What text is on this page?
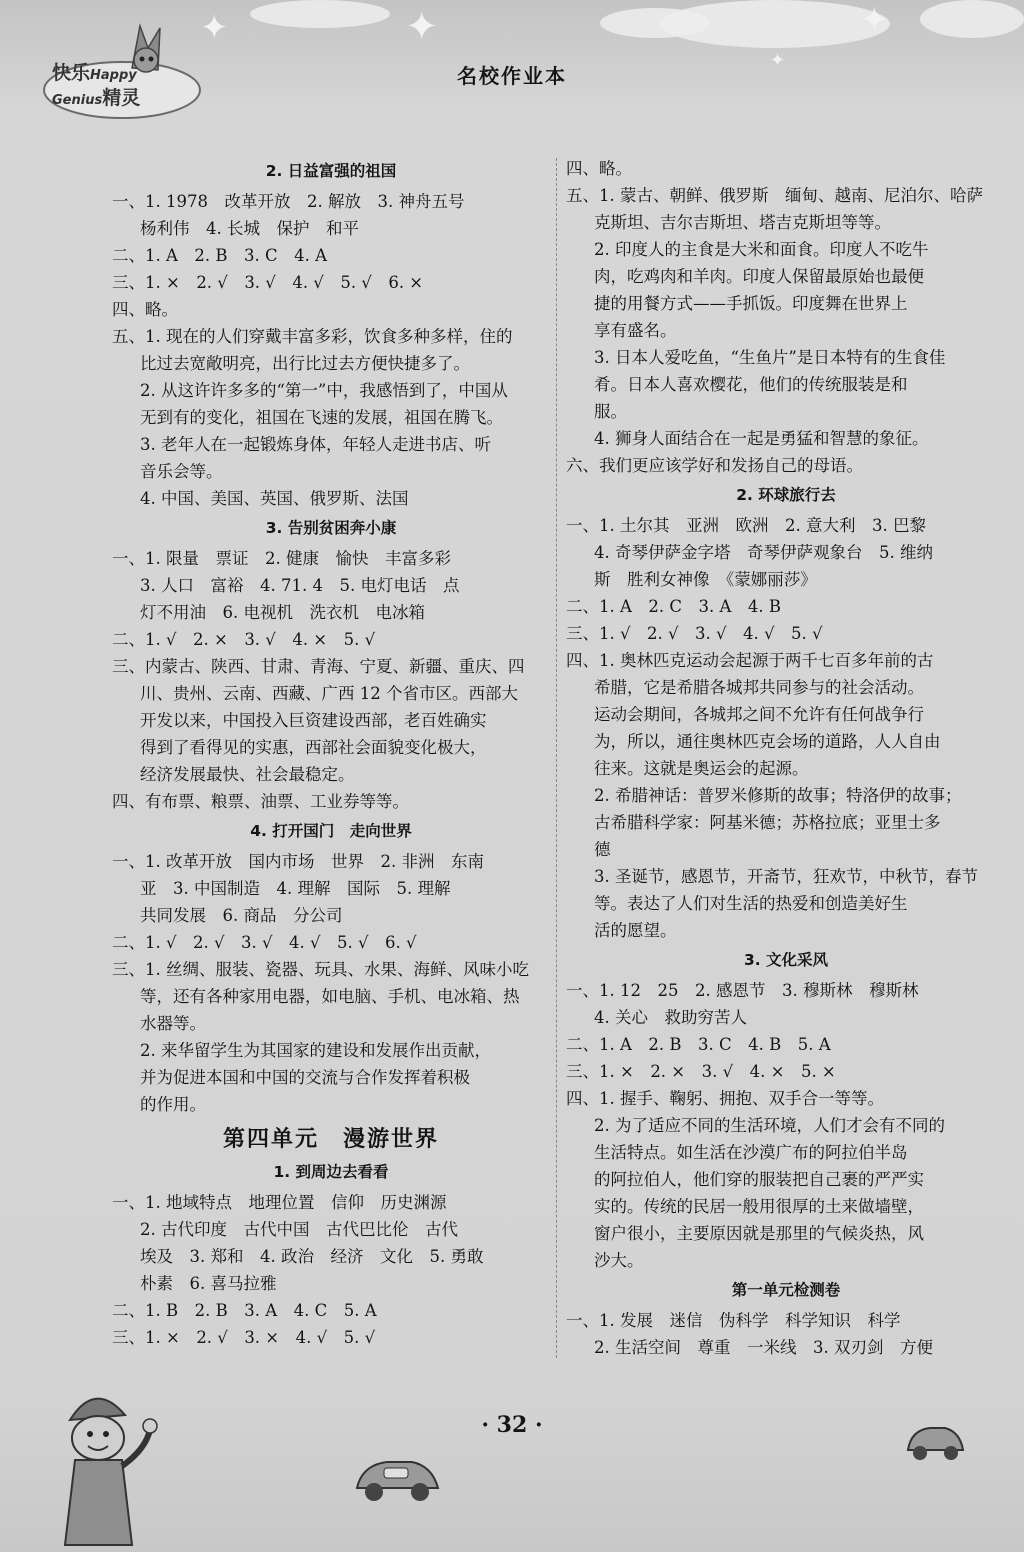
✦	✦	✦
✦
快乐Happy
Genius精灵
名校作业本
2. 日益富强的祖国
一、1. 1978　改革开放　2. 解放　3. 神舟五号
杨利伟　4. 长城　保护　和平
二、1. A　2. B　3. C　4. A
三、1. ×　2. √　3. √　4. √　5. √　6. ×
四、略。
五、1. 现在的人们穿戴丰富多彩，饮食多种多样，住的
比过去宽敞明亮，出行比过去方便快捷多了。
2. 从这许许多多的“第一”中，我感悟到了，中国从
无到有的变化，祖国在飞速的发展，祖国在腾飞。
3. 老年人在一起锻炼身体，年轻人走进书店、听
音乐会等。
4. 中国、美国、英国、俄罗斯、法国
3. 告别贫困奔小康
一、1. 限量　票证　2. 健康　愉快　丰富多彩
3. 人口　富裕　4. 71. 4　5. 电灯电话　点
灯不用油　6. 电视机　洗衣机　电冰箱
二、1. √　2. ×　3. √　4. ×　5. √
三、内蒙古、陕西、甘肃、青海、宁夏、新疆、重庆、四
川、贵州、云南、西藏、广西 12 个省市区。西部大
开发以来，中国投入巨资建设西部，老百姓确实
得到了看得见的实惠，西部社会面貌变化极大，
经济发展最快、社会最稳定。
四、有布票、粮票、油票、工业券等等。
4. 打开国门　走向世界
一、1. 改革开放　国内市场　世界　2. 非洲　东南
亚　3. 中国制造　4. 理解　国际　5. 理解
共同发展　6. 商品　分公司
二、1. √　2. √　3. √　4. √　5. √　6. √
三、1. 丝绸、服装、瓷器、玩具、水果、海鲜、风味小吃
等，还有各种家用电器，如电脑、手机、电冰箱、热
水器等。
2. 来华留学生为其国家的建设和发展作出贡献，
并为促进本国和中国的交流与合作发挥着积极
的作用。
第四单元　漫游世界
1. 到周边去看看
一、1. 地域特点　地理位置　信仰　历史渊源
2. 古代印度　古代中国　古代巴比伦　古代
埃及　3. 郑和　4. 政治　经济　文化　5. 勇敢
朴素　6. 喜马拉雅
二、1. B　2. B　3. A　4. C　5. A
三、1. ×　2. √　3. ×　4. √　5. √
四、略。
五、1. 蒙古、朝鲜、俄罗斯　缅甸、越南、尼泊尔、哈萨
克斯坦、吉尔吉斯坦、塔吉克斯坦等等。
2. 印度人的主食是大米和面食。印度人不吃牛
肉，吃鸡肉和羊肉。印度人保留最原始也最便
捷的用餐方式——手抓饭。印度舞在世界上
享有盛名。
3. 日本人爱吃鱼，“生鱼片”是日本特有的生食佳
肴。日本人喜欢樱花，他们的传统服装是和
服。
4. 狮身人面结合在一起是勇猛和智慧的象征。
六、我们更应该学好和发扬自己的母语。
2. 环球旅行去
一、1. 土尔其　亚洲　欧洲　2. 意大利　3. 巴黎
4. 奇琴伊萨金字塔　奇琴伊萨观象台　5. 维纳
斯　胜利女神像　《蒙娜丽莎》
二、1. A　2. C　3. A　4. B
三、1. √　2. √　3. √　4. √　5. √
四、1. 奥林匹克运动会起源于两千七百多年前的古
希腊，它是希腊各城邦共同参与的社会活动。
运动会期间，各城邦之间不允许有任何战争行
为，所以，通往奥林匹克会场的道路，人人自由
往来。这就是奥运会的起源。
2. 希腊神话：普罗米修斯的故事；特洛伊的故事；
古希腊科学家：阿基米德；苏格拉底；亚里士多
德
3. 圣诞节，感恩节，开斋节，狂欢节，中秋节，春节
等。表达了人们对生活的热爱和创造美好生
活的愿望。
3. 文化采风
一、1. 12　25　2. 感恩节　3. 穆斯林　穆斯林
4. 关心　救助穷苦人
二、1. A　2. B　3. C　4. B　5. A
三、1. ×　2. ×　3. √　4. ×　5. ×
四、1. 握手、鞠躬、拥抱、双手合一等等。
2. 为了适应不同的生活环境，人们才会有不同的
生活特点。如生活在沙漠广布的阿拉伯半岛
的阿拉伯人，他们穿的服装把自己裹的严严实
实的。传统的民居一般用很厚的土来做墙壁，
窗户很小，主要原因就是那里的气候炎热，风
沙大。
第一单元检测卷
一、1. 发展　迷信　伪科学　科学知识　科学
2. 生活空间　尊重　一米线　3. 双刃剑　方便
· 32 ·
